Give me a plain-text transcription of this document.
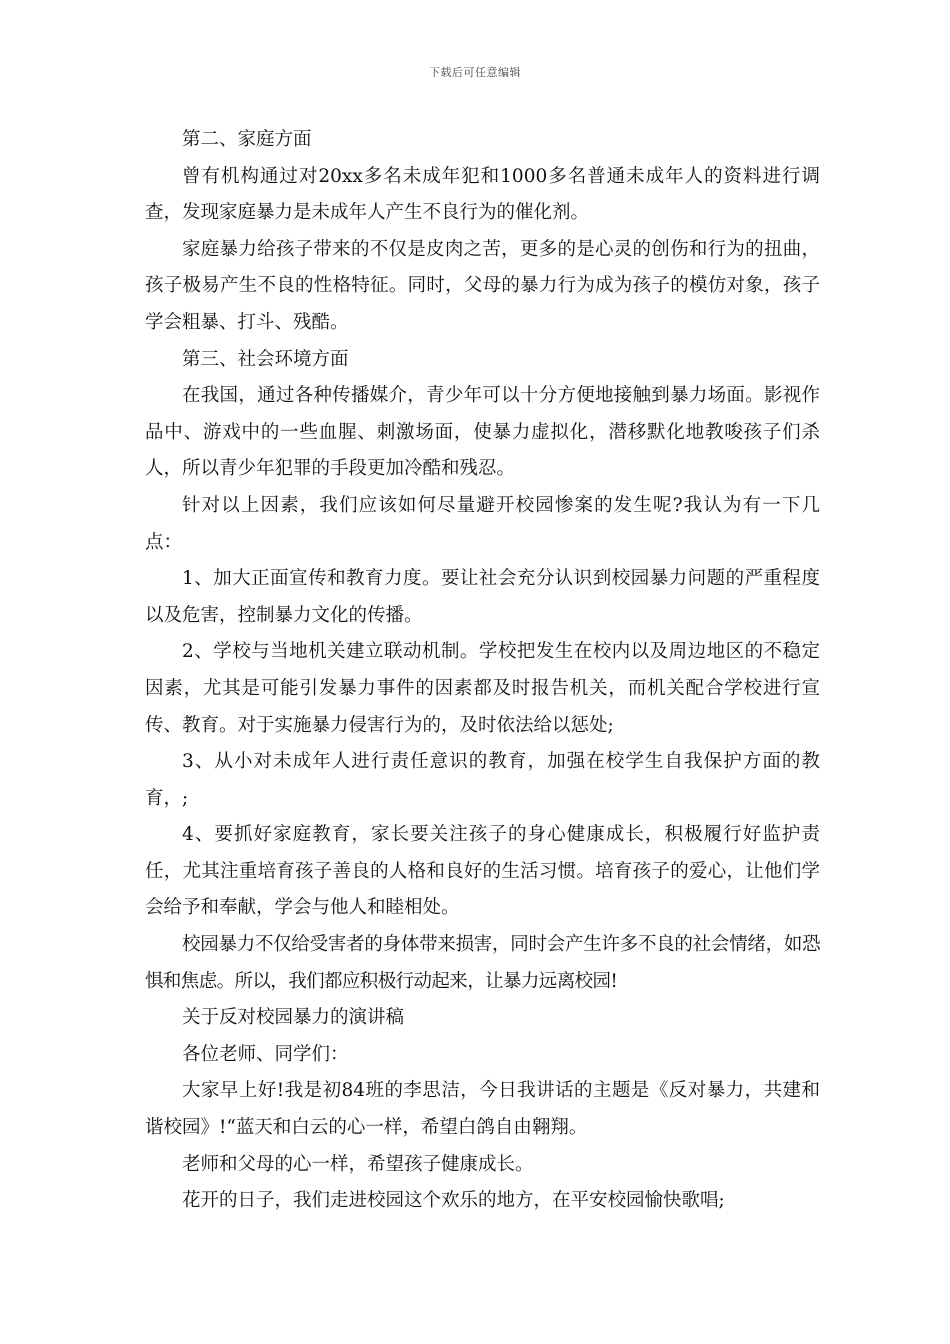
下载后可任意编辑

第二、家庭方面

曾有机构通过对20xx多名未成年犯和1000多名普通未成年人的资料进行调查，发现家庭暴力是未成年人产生不良行为的催化剂。

家庭暴力给孩子带来的不仅是皮肉之苦，更多的是心灵的创伤和行为的扭曲，孩子极易产生不良的性格特征。同时，父母的暴力行为成为孩子的模仿对象，孩子学会粗暴、打斗、残酷。

第三、社会环境方面

在我国，通过各种传播媒介，青少年可以十分方便地接触到暴力场面。影视作品中、游戏中的一些血腥、刺激场面，使暴力虚拟化，潜移默化地教唆孩子们杀人，所以青少年犯罪的手段更加冷酷和残忍。

针对以上因素，我们应该如何尽量避开校园惨案的发生呢?我认为有一下几点：

1、加大正面宣传和教育力度。要让社会充分认识到校园暴力问题的严重程度以及危害，控制暴力文化的传播。

2、学校与当地机关建立联动机制。学校把发生在校内以及周边地区的不稳定因素，尤其是可能引发暴力事件的因素都及时报告机关，而机关配合学校进行宣传、教育。对于实施暴力侵害行为的，及时依法给以惩处;

3、从小对未成年人进行责任意识的教育，加强在校学生自我保护方面的教育，;

4、要抓好家庭教育，家长要关注孩子的身心健康成长，积极履行好监护责任，尤其注重培育孩子善良的人格和良好的生活习惯。培育孩子的爱心，让他们学会给予和奉献，学会与他人和睦相处。

校园暴力不仅给受害者的身体带来损害，同时会产生许多不良的社会情绪，如恐惧和焦虑。所以，我们都应积极行动起来，让暴力远离校园!

关于反对校园暴力的演讲稿

各位老师、同学们：

大家早上好!我是初84班的李思洁，今日我讲话的主题是《反对暴力，共建和谐校园》!“蓝天和白云的心一样，希望白鸽自由翱翔。

老师和父母的心一样，希望孩子健康成长。

花开的日子，我们走进校园这个欢乐的地方，在平安校园愉快歌唱;
